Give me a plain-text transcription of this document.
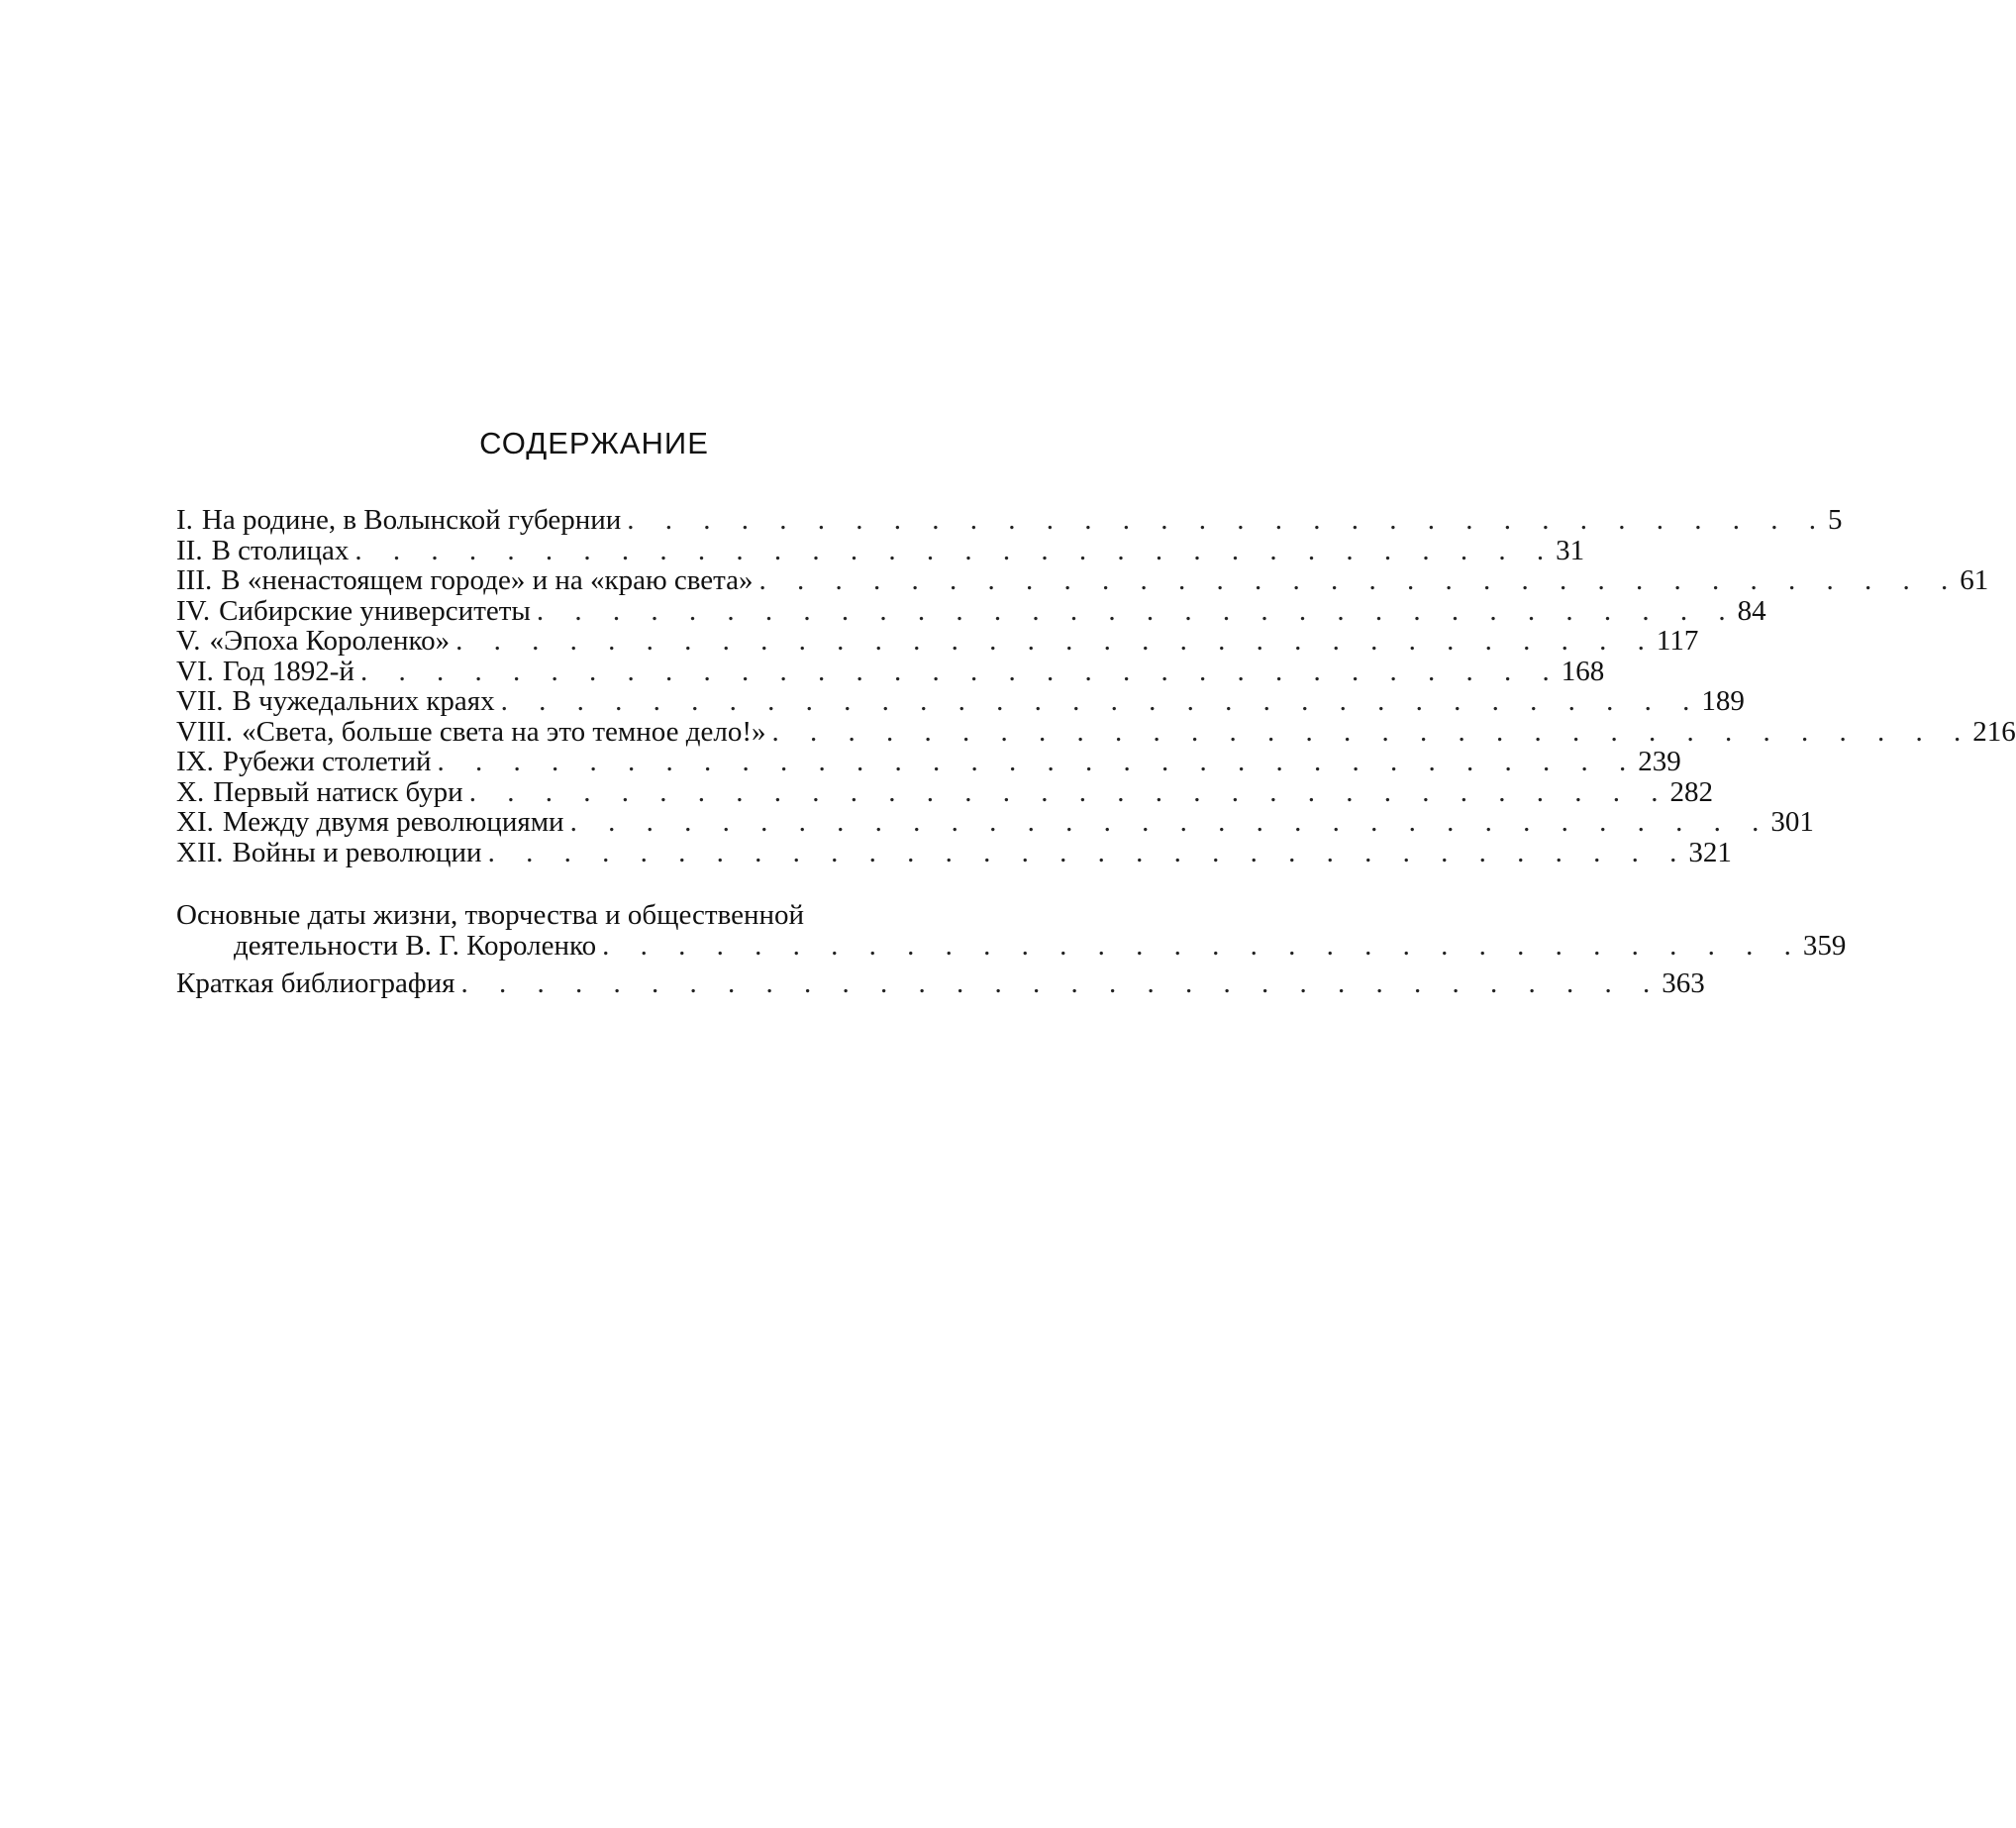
СОДЕРЖАНИЕ
I. На родине, в Волынской губернии . . . . . . . . . . . . . . . . . . . . . . . . . . . . . . . . 5
II. В столицах . . . . . . . . . . . . . . . . . . . . . . . . . . . . . . . . 31
III. В «ненастоящем городе» и на «краю света» . . . . . . . . . . . . . . . . . . . . . . . . . . . . . . . . 61
IV. Сибирские университеты . . . . . . . . . . . . . . . . . . . . . . . . . . . . . . . . 84
V. «Эпоха Короленко» . . . . . . . . . . . . . . . . . . . . . . . . . . . . . . . . 117
VI. Год 1892-й . . . . . . . . . . . . . . . . . . . . . . . . . . . . . . . . 168
VII. В чужедальних краях . . . . . . . . . . . . . . . . . . . . . . . . . . . . . . . . 189
VIII. «Света, больше света на это темное дело!» . . . . . . . . . . . . . . . . . . . . . . . . . . . . . . . . 216
IX. Рубежи столетий . . . . . . . . . . . . . . . . . . . . . . . . . . . . . . . . 239
X. Первый натиск бури . . . . . . . . . . . . . . . . . . . . . . . . . . . . . . . . 282
XI. Между двумя революциями . . . . . . . . . . . . . . . . . . . . . . . . . . . . . . . . 301
XII. Войны и революции . . . . . . . . . . . . . . . . . . . . . . . . . . . . . . . . 321
Основные даты жизни, творчества и общественной
деятельности В. Г. Короленко . . . . . . . . . . . . . . . . . . . . . . . . . . . . . . . . 359
Краткая библиография . . . . . . . . . . . . . . . . . . . . . . . . . . . . . . . . 363
